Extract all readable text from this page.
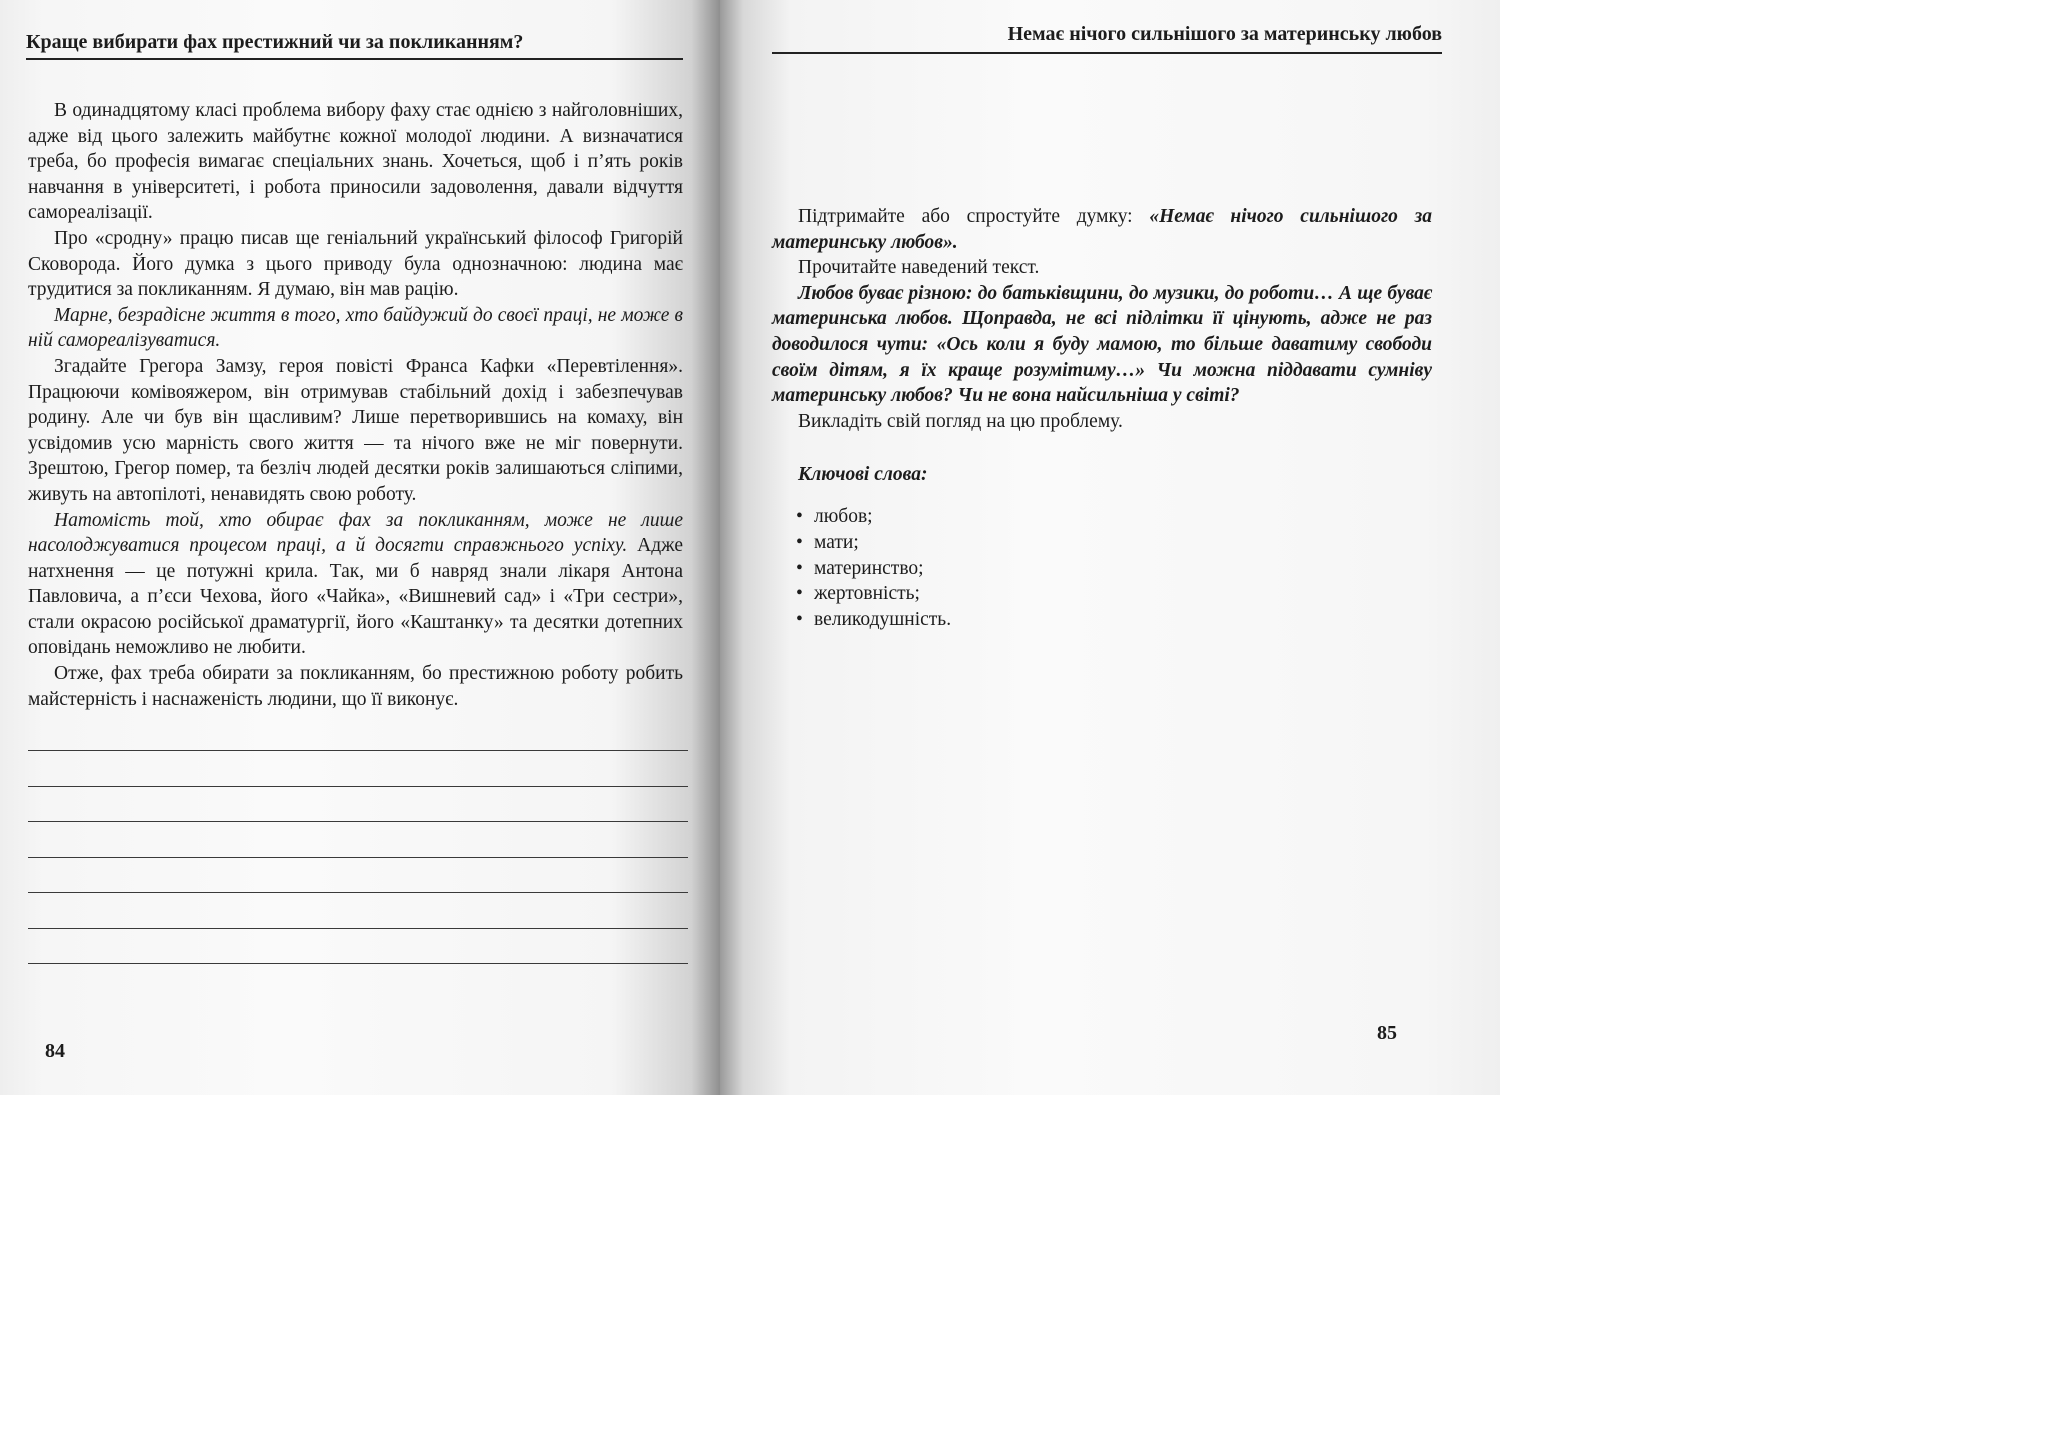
Краще вибирати фах престижний чи за покликанням?

В одинадцятому класі проблема вибору фаху стає однією з найголовніших, адже від цього залежить майбутнє кожної молодої людини. А визначатися треба, бо професія вимагає спеціальних знань. Хочеться, щоб і п’ять років навчання в університеті, і робота приносили задоволення, давали відчуття самореалізації.

Про «сродну» працю писав ще геніальний український філософ Григорій Сковорода. Його думка з цього приводу була однозначною: людина має трудитися за покликанням. Я думаю, він мав рацію.

Марне, безрадісне життя в того, хто байдужий до своєї праці, не може в ній самореалізуватися.

Згадайте Грегора Замзу, героя повісті Франса Кафки «Перевтілення». Працюючи комівояжером, він отримував стабільний дохід і забезпечував родину. Але чи був він щасливим? Лише перетворившись на комаху, він усвідомив усю марність свого життя — та нічого вже не міг повернути. Зрештою, Грегор помер, та безліч людей десятки років залишаються сліпими, живуть на автопілоті, ненавидять свою роботу.

Натомість той, хто обирає фах за покликанням, може не лише насолоджуватися процесом праці, а й досягти справжнього успіху. Адже натхнення — це потужні крила. Так, ми б навряд знали лікаря Антона Павловича, а п’єси Чехова, його «Чайка», «Вишневий сад» і «Три сестри», стали окрасою російської драматургії, його «Каштанку» та десятки дотепних оповідань неможливо не любити.

Отже, фах треба обирати за покликанням, бо престижною роботу робить майстерність і наснаженість людини, що її виконує.

84
Немає нічого сильнішого за материнську любов

Підтримайте або спростуйте думку: «Немає нічого сильнішого за материнську любов».

Прочитайте наведений текст.

Любов буває різною: до батьківщини, до музики, до роботи… А ще буває материнська любов. Щоправда, не всі підлітки її цінують, адже не раз доводилося чути: «Ось коли я буду мамою, то більше даватиму свободи своїм дітям, я їх краще розумітиму…» Чи можна піддавати сумніву материнську любов? Чи не вона найсильніша у світі?

Викладіть свій погляд на цю проблему.

Ключові слова:
• любов;
• мати;
• материнство;
• жертовність;
• великодушність.
85
